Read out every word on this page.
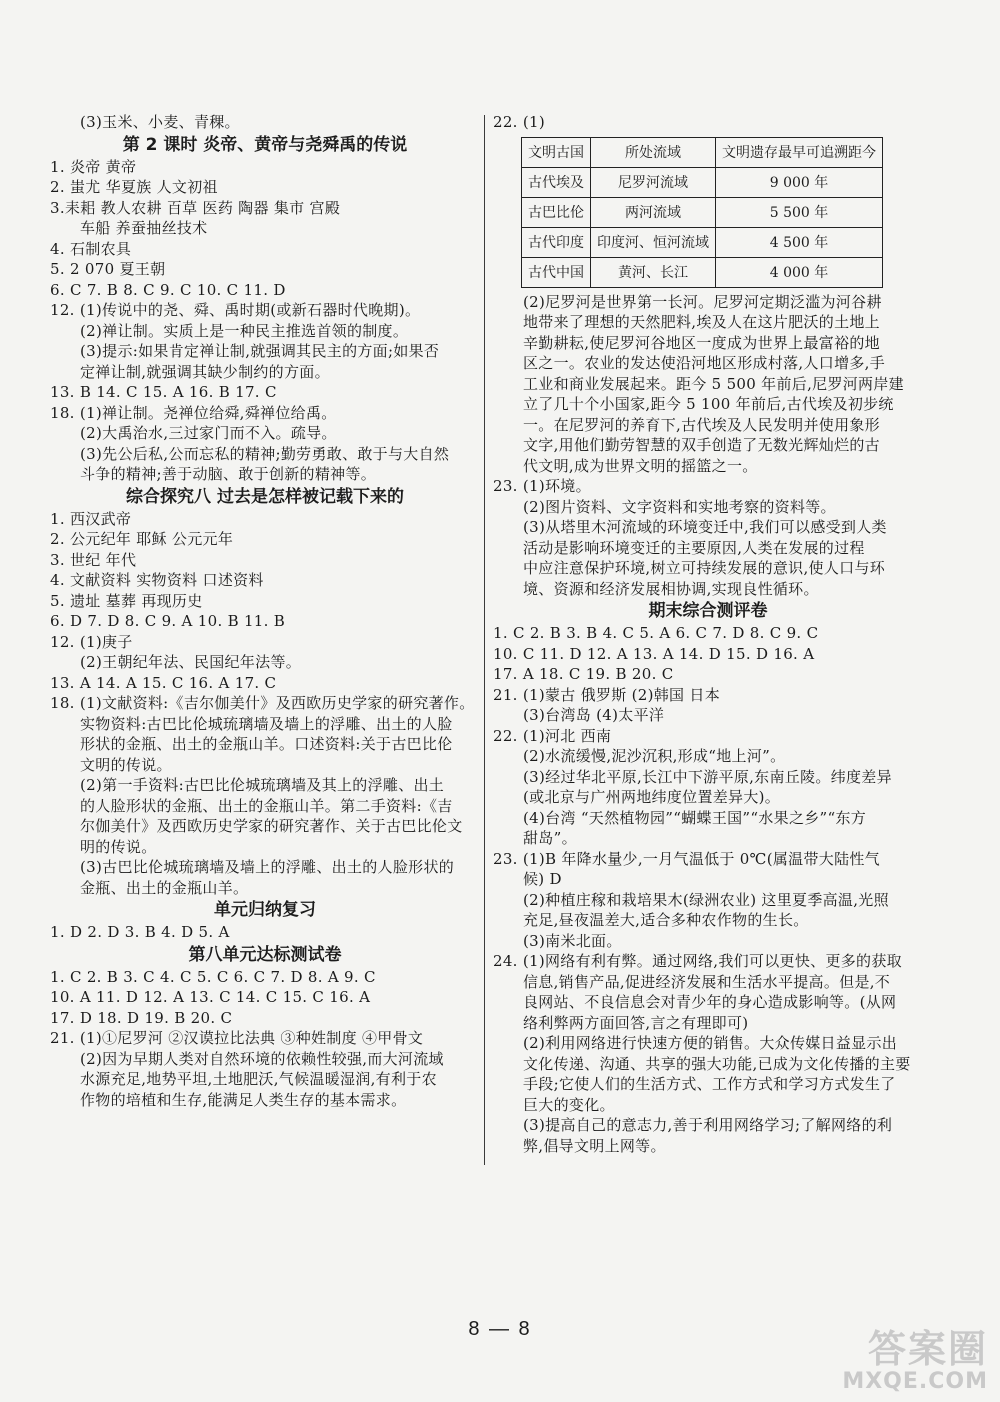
(3)玉米、小麦、青稞。
第 2 课时 炎帝、黄帝与尧舜禹的传说
1. 炎帝 黄帝
2. 蚩尤 华夏族 人文初祖
3.耒耜 教人农耕 百草 医药 陶器 集市 宫殿
车船 养蚕抽丝技术
4. 石制农具
5. 2 070 夏王朝
6. C 7. B 8. C 9. C 10. C 11. D
12. (1)传说中的尧、舜、禹时期(或新石器时代晚期)。
(2)禅让制。实质上是一种民主推选首领的制度。
(3)提示:如果肯定禅让制,就强调其民主的方面;如果否
定禅让制,就强调其缺少制约的方面。
13. B 14. C 15. A 16. B 17. C
18. (1)禅让制。尧禅位给舜,舜禅位给禹。
(2)大禹治水,三过家门而不入。疏导。
(3)先公后私,公而忘私的精神;勤劳勇敢、敢于与大自然
斗争的精神;善于动脑、敢于创新的精神等。
综合探究八 过去是怎样被记载下来的
1. 西汉武帝
2. 公元纪年 耶稣 公元元年
3. 世纪 年代
4. 文献资料 实物资料 口述资料
5. 遗址 墓葬 再现历史
6. D 7. D 8. C 9. A 10. B 11. B
12. (1)庚子
(2)王朝纪年法、民国纪年法等。
13. A 14. A 15. C 16. A 17. C
18. (1)文献资料:《吉尔伽美什》及西欧历史学家的研究著作。
实物资料:古巴比伦城琉璃墙及墙上的浮雕、出土的人脸
形状的金瓶、出土的金瓶山羊。口述资料:关于古巴比伦
文明的传说。
(2)第一手资料:古巴比伦城琉璃墙及其上的浮雕、出土
的人脸形状的金瓶、出土的金瓶山羊。第二手资料:《吉
尔伽美什》及西欧历史学家的研究著作、关于古巴比伦文
明的传说。
(3)古巴比伦城琉璃墙及墙上的浮雕、出土的人脸形状的
金瓶、出土的金瓶山羊。
单元归纳复习
1. D 2. D 3. B 4. D 5. A
第八单元达标测试卷
1. C 2. B 3. C 4. C 5. C 6. C 7. D 8. A 9. C
10. A 11. D 12. A 13. C 14. C 15. C 16. A
17. D 18. D 19. B 20. C
21. (1)①尼罗河 ②汉谟拉比法典 ③种姓制度 ④甲骨文
(2)因为早期人类对自然环境的依赖性较强,而大河流域
水源充足,地势平坦,土地肥沃,气候温暖湿润,有利于农
作物的培植和生存,能满足人类生存的基本需求。
22. (1)
文明古国	所处流域	文明遗存最早可追溯距今
古代埃及	尼罗河流域	9 000 年
古巴比伦	两河流域	5 500 年
古代印度	印度河、恒河流域	4 500 年
古代中国	黄河、长江	4 000 年
(2)尼罗河是世界第一长河。尼罗河定期泛滥为河谷耕
地带来了理想的天然肥料,埃及人在这片肥沃的土地上
辛勤耕耘,使尼罗河谷地区一度成为世界上最富裕的地
区之一。农业的发达使沿河地区形成村落,人口增多,手
工业和商业发展起来。距今 5 500 年前后,尼罗河两岸建
立了几十个小国家,距今 5 100 年前后,古代埃及初步统
一。在尼罗河的养育下,古代埃及人民发明并使用象形
文字,用他们勤劳智慧的双手创造了无数光辉灿烂的古
代文明,成为世界文明的摇篮之一。
23. (1)环境。
(2)图片资料、文字资料和实地考察的资料等。
(3)从塔里木河流域的环境变迁中,我们可以感受到人类
活动是影响环境变迁的主要原因,人类在发展的过程
中应注意保护环境,树立可持续发展的意识,使人口与环
境、资源和经济发展相协调,实现良性循环。
期末综合测评卷
1. C 2. B 3. B 4. C 5. A 6. C 7. D 8. C 9. C
10. C 11. D 12. A 13. A 14. D 15. D 16. A
17. A 18. C 19. B 20. C
21. (1)蒙古 俄罗斯 (2)韩国 日本
(3)台湾岛 (4)太平洋
22. (1)河北 西南
(2)水流缓慢,泥沙沉积,形成“地上河”。
(3)经过华北平原,长江中下游平原,东南丘陵。纬度差异
(或北京与广州两地纬度位置差异大)。
(4)台湾 “天然植物园”“蝴蝶王国”“水果之乡”“东方
甜岛”。
23. (1)B 年降水量少,一月气温低于 0℃(属温带大陆性气
候) D
(2)种植庄稼和栽培果木(绿洲农业) 这里夏季高温,光照
充足,昼夜温差大,适合多种农作物的生长。
(3)南米北面。
24. (1)网络有利有弊。通过网络,我们可以更快、更多的获取
信息,销售产品,促进经济发展和生活水平提高。但是,不
良网站、不良信息会对青少年的身心造成影响等。(从网
络利弊两方面回答,言之有理即可)
(2)利用网络进行快速方便的销售。大众传媒日益显示出
文化传递、沟通、共享的强大功能,已成为文化传播的主要
手段;它使人们的生活方式、工作方式和学习方式发生了
巨大的变化。
(3)提高自己的意志力,善于利用网络学习;了解网络的利
弊,倡导文明上网等。
8 — 8	答案圈
MXQE.COM
